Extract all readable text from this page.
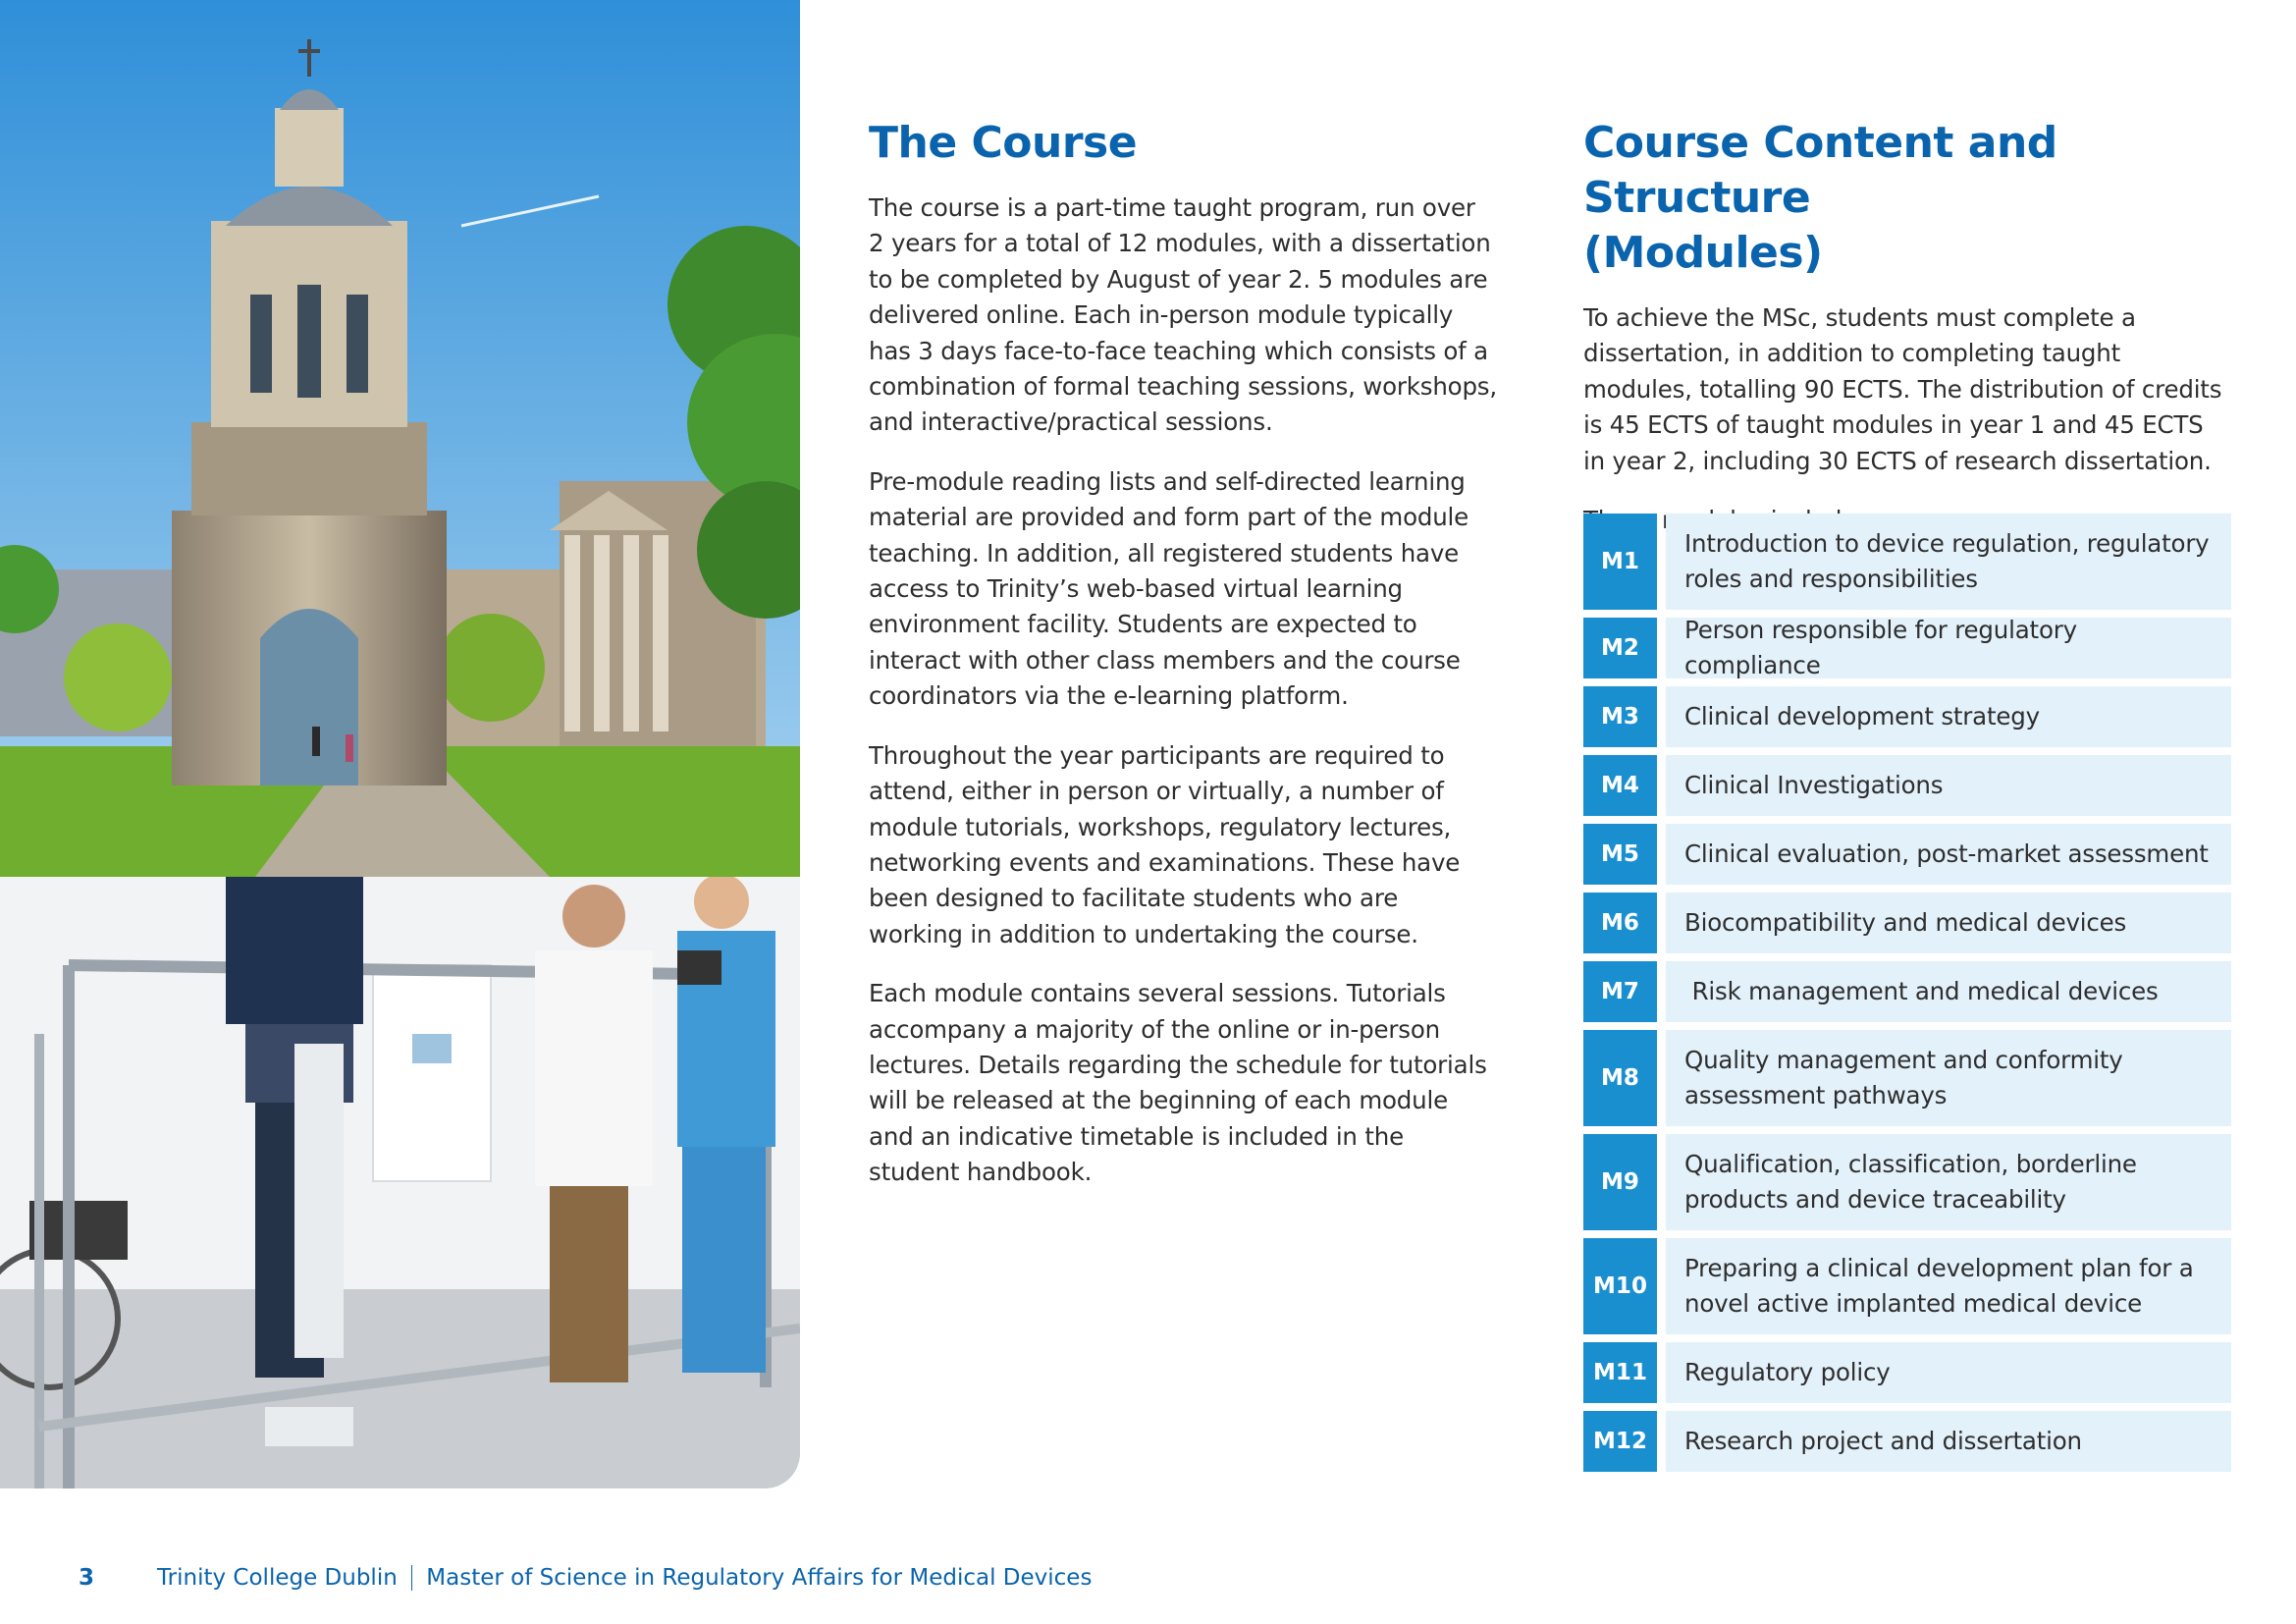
The Course

The course is a part-time taught program, run over 2 years for a total of 12 modules, with a dissertation to be completed by August of year 2. 5 modules are delivered online. Each in-person module typically has 3 days face-to-face teaching which consists of a combination of formal teaching sessions, workshops, and interactive/practical sessions.

Pre-module reading lists and self-directed learning material are provided and form part of the module teaching. In addition, all registered students have access to Trinity’s web-based virtual learning environment facility. Students are expected to interact with other class members and the course coordinators via the e-learning platform.

Throughout the year participants are required to attend, either in person or virtually, a number of module tutorials, workshops, regulatory lectures, networking events and examinations. These have been designed to facilitate students who are working in addition to undertaking the course.

Each module contains several sessions. Tutorials accompany a majority of the online or in-person lectures. Details regarding the schedule for tutorials will be released at the beginning of each module and an indicative timetable is included in the student handbook.

Course Content and Structure
(Modules)

To achieve the MSc, students must complete a dissertation, in addition to completing taught modules, totalling 90 ECTS. The distribution of credits is 45 ECTS of taught modules in year 1 and 45 ECTS in year 2, including 30 ECTS of research dissertation.

M1
Introduction to device regulation, regulatory roles and responsibilities
M2
Person responsible for regulatory compliance
M3	Clinical development strategy
M4	Clinical Investigations
M5	Clinical evaluation, post-market assessment
M6	Biocompatibility and medical devices
M7	Risk management and medical devices
M8
Quality management and conformity assessment pathways
M9
Qualification, classification, borderline products and device traceability
M10
Preparing a clinical development plan for a novel active implanted medical device
M11	Regulatory policy
M12	Research project and dissertation
3	Trinity College Dublin Master of Science in Regulatory Affairs for Medical Devices
